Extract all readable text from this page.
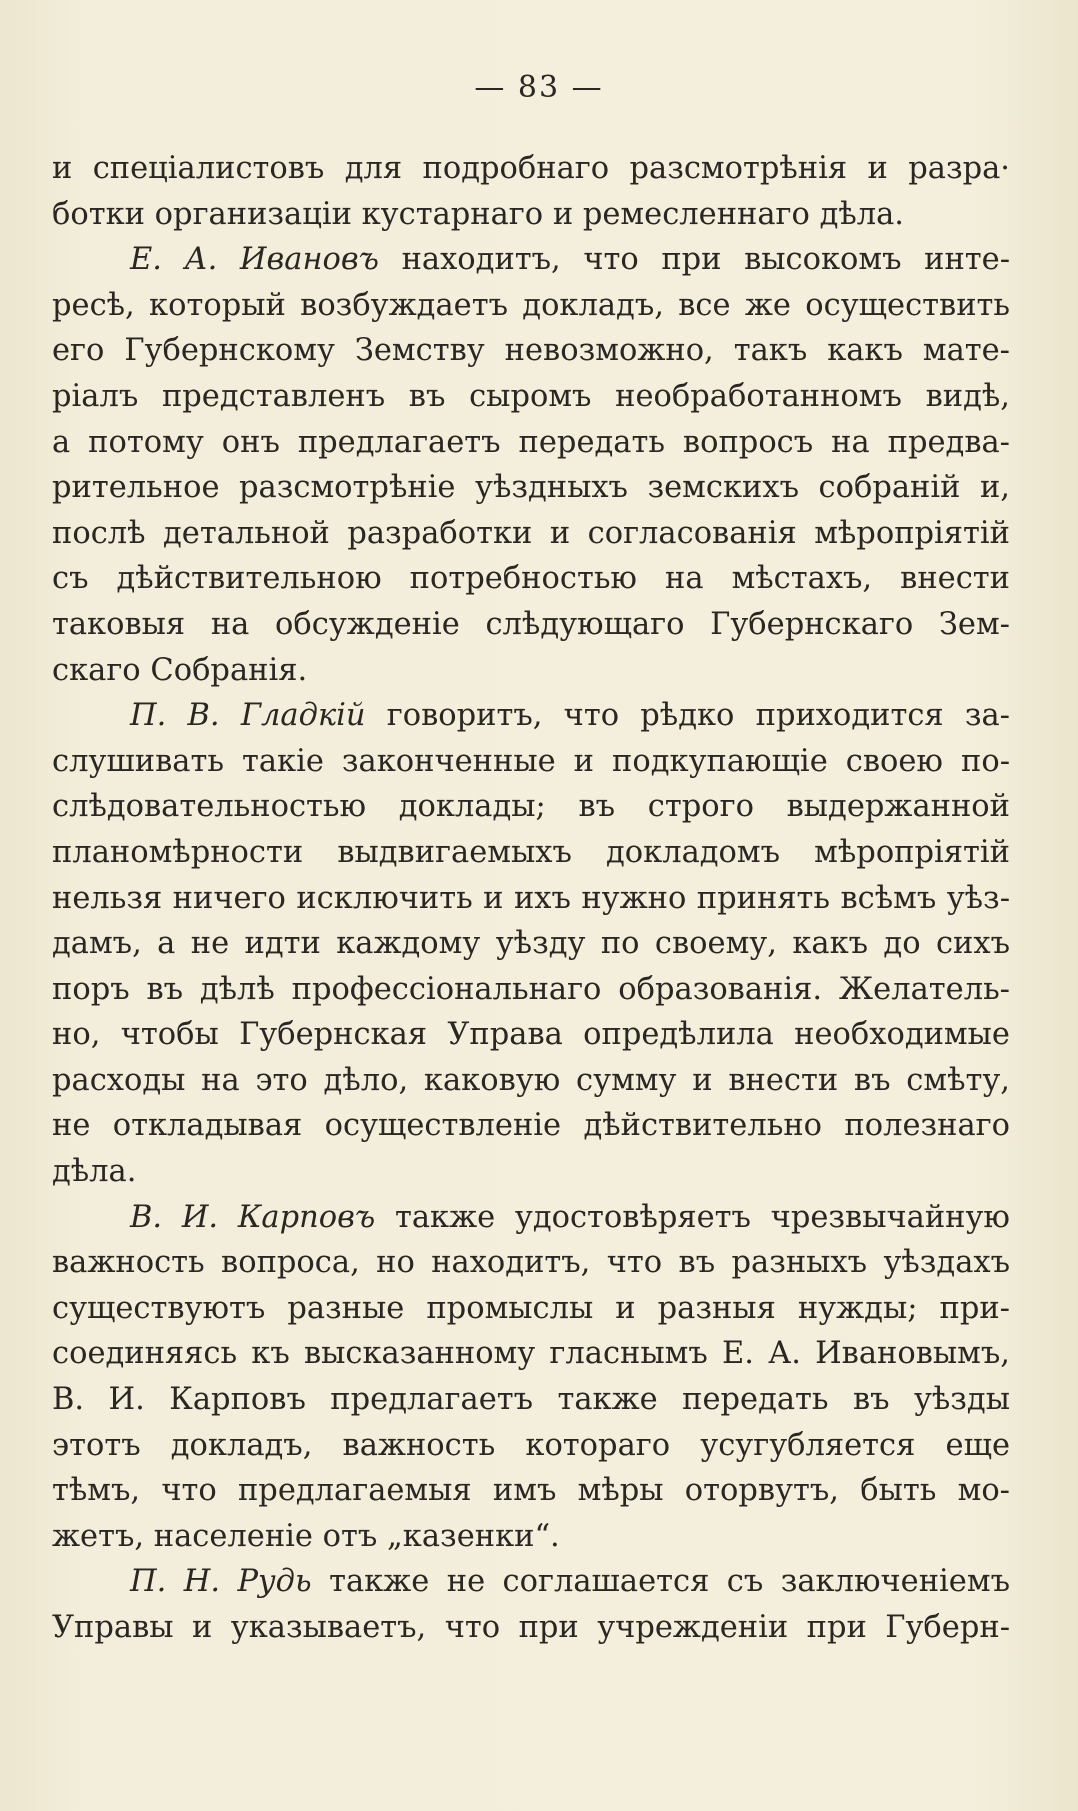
— 83 —
и спеціалистовъ для подробнаго разсмотрѣнія и разра·
ботки организаціи кустарнаго и ремесленнаго дѣла.
Е. А. Ивановъ находитъ, что при высокомъ инте-
ресѣ, который возбуждаетъ докладъ, все же осуществить
его Губернскому Земству невозможно, такъ какъ мате-
ріалъ представленъ въ сыромъ необработанномъ видѣ,
а потому онъ предлагаетъ передать вопросъ на предва-
рительное разсмотрѣніе уѣздныхъ земскихъ собраній и,
послѣ детальной разработки и согласованія мѣропріятій
съ дѣйствительною потребностью на мѣстахъ, внести
таковыя на обсужденіе слѣдующаго Губернскаго Зем-
скаго Собранія.
П. В. Гладкій говоритъ, что рѣдко приходится за-
слушивать такіе законченные и подкупающіе своею по-
слѣдовательностью доклады; въ строго выдержанной
планомѣрности выдвигаемыхъ докладомъ мѣропріятій
нельзя ничего исключить и ихъ нужно принять всѣмъ уѣз-
дамъ, а не идти каждому уѣзду по своему, какъ до сихъ
поръ въ дѣлѣ профессіональнаго образованія. Желатель-
но, чтобы Губернская Управа опредѣлила необходимые
расходы на это дѣло, каковую сумму и внести въ смѣту,
не откладывая осуществленіе дѣйствительно полезнаго
дѣла.
В. И. Карповъ также удостовѣряетъ чрезвычайную
важность вопроса, но находитъ, что въ разныхъ уѣздахъ
существуютъ разные промыслы и разныя нужды; при-
соединяясь къ высказанному гласнымъ Е. А. Ивановымъ,
В. И. Карповъ предлагаетъ также передать въ уѣзды
этотъ докладъ, важность котораго усугубляется еще
тѣмъ, что предлагаемыя имъ мѣры оторвутъ, быть мо-
жетъ, населеніе отъ „казенки“.
П. Н. Рудь также не соглашается съ заключеніемъ
Управы и указываетъ, что при учрежденіи при Губерн-
